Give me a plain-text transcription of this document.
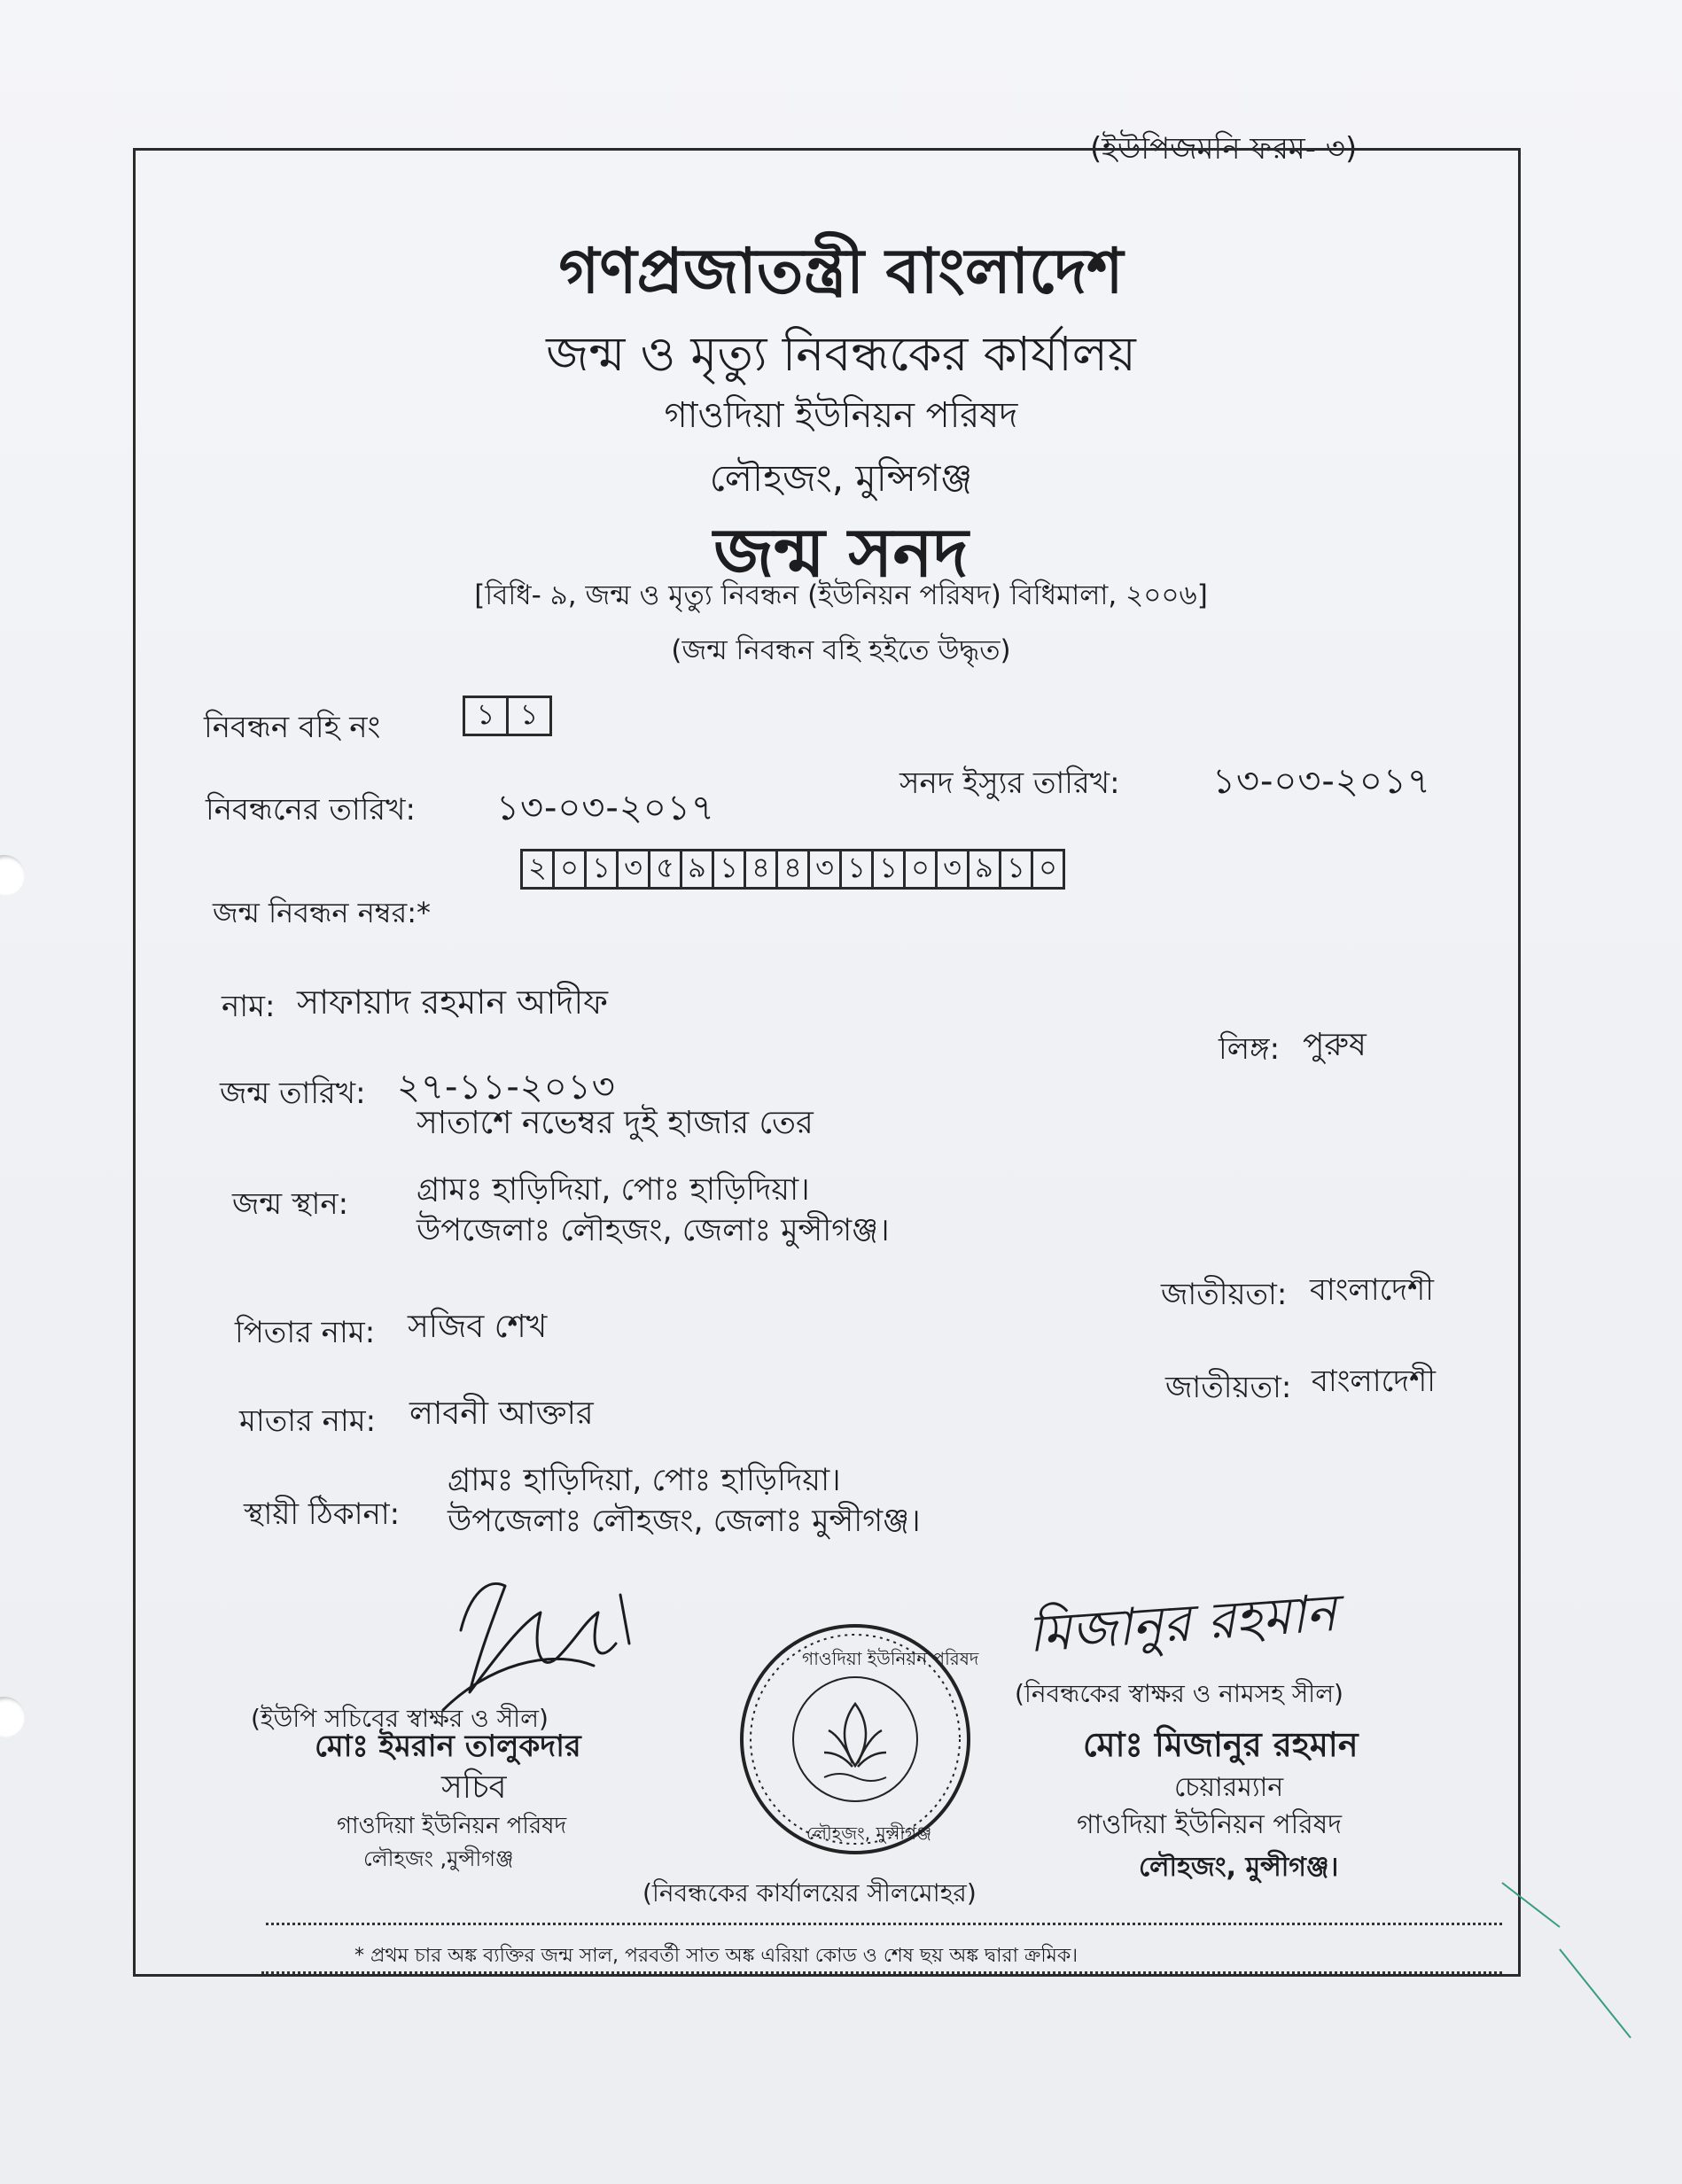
(ইউপিজমনি ফরম- ৩)
গণপ্রজাতন্ত্রী বাংলাদেশ
জন্ম ও মৃত্যু নিবন্ধকের কার্যালয়
গাওদিয়া ইউনিয়ন পরিষদ
লৌহজং, মুন্সিগঞ্জ
জন্ম সনদ
[বিধি- ৯, জন্ম ও মৃত্যু নিবন্ধন (ইউনিয়ন পরিষদ) বিধিমালা, ২০০৬]
(জন্ম নিবন্ধন বহি হইতে উদ্ধৃত)
নিবন্ধন বহি নং	১ ১
নিবন্ধনের তারিখ: ১৩-০৩-২০১৭
সনদ ইস্যুর তারিখ:	১৩-০৩-২০১৭
জন্ম নিবন্ধন নম্বর:*
২ ০ ১ ৩ ৫ ৯ ১ ৪ ৪ ৩ ১ ১ ০ ৩ ৯ ১ ০
নাম: সাফায়াদ রহমান আদীফ
লিঙ্গ: পুরুষ
জন্ম তারিখ: ২৭-১১-২০১৩
সাতাশে নভেম্বর দুই হাজার তের
জন্ম স্থান: গ্রামঃ হাড়িদিয়া, পোঃ হাড়িদিয়া।
উপজেলাঃ লৌহজং, জেলাঃ মুন্সীগঞ্জ।
পিতার নাম: সজিব শেখ
জাতীয়তা: বাংলাদেশী
মাতার নাম: লাবনী আক্তার
জাতীয়তা: বাংলাদেশী
স্থায়ী ঠিকানা:
গ্রামঃ হাড়িদিয়া, পোঃ হাড়িদিয়া।
উপজেলাঃ লৌহজং, জেলাঃ মুন্সীগঞ্জ।
(ইউপি সচিবের স্বাক্ষর ও সীল)
মোঃ ইমরান তালুকদার
সচিব
গাওদিয়া ইউনিয়ন পরিষদ
লৌহজং ,মুন্সীগঞ্জ
গাওদিয়া ইউনিয়ন পরিষদ
লৌহজং, মুন্সীগঞ্জ
(নিবন্ধকের কার্যালয়ের সীলমোহর)
মিজানুর রহমান
(নিবন্ধকের স্বাক্ষর ও নামসহ সীল)
মোঃ মিজানুর রহমান
চেয়ারম্যান
গাওদিয়া ইউনিয়ন পরিষদ
লৌহজং, মুন্সীগঞ্জ।
* প্রথম চার অঙ্ক ব্যক্তির জন্ম সাল, পরবর্তী সাত অঙ্ক এরিয়া কোড ও শেষ ছয় অঙ্ক দ্বারা ক্রমিক।
